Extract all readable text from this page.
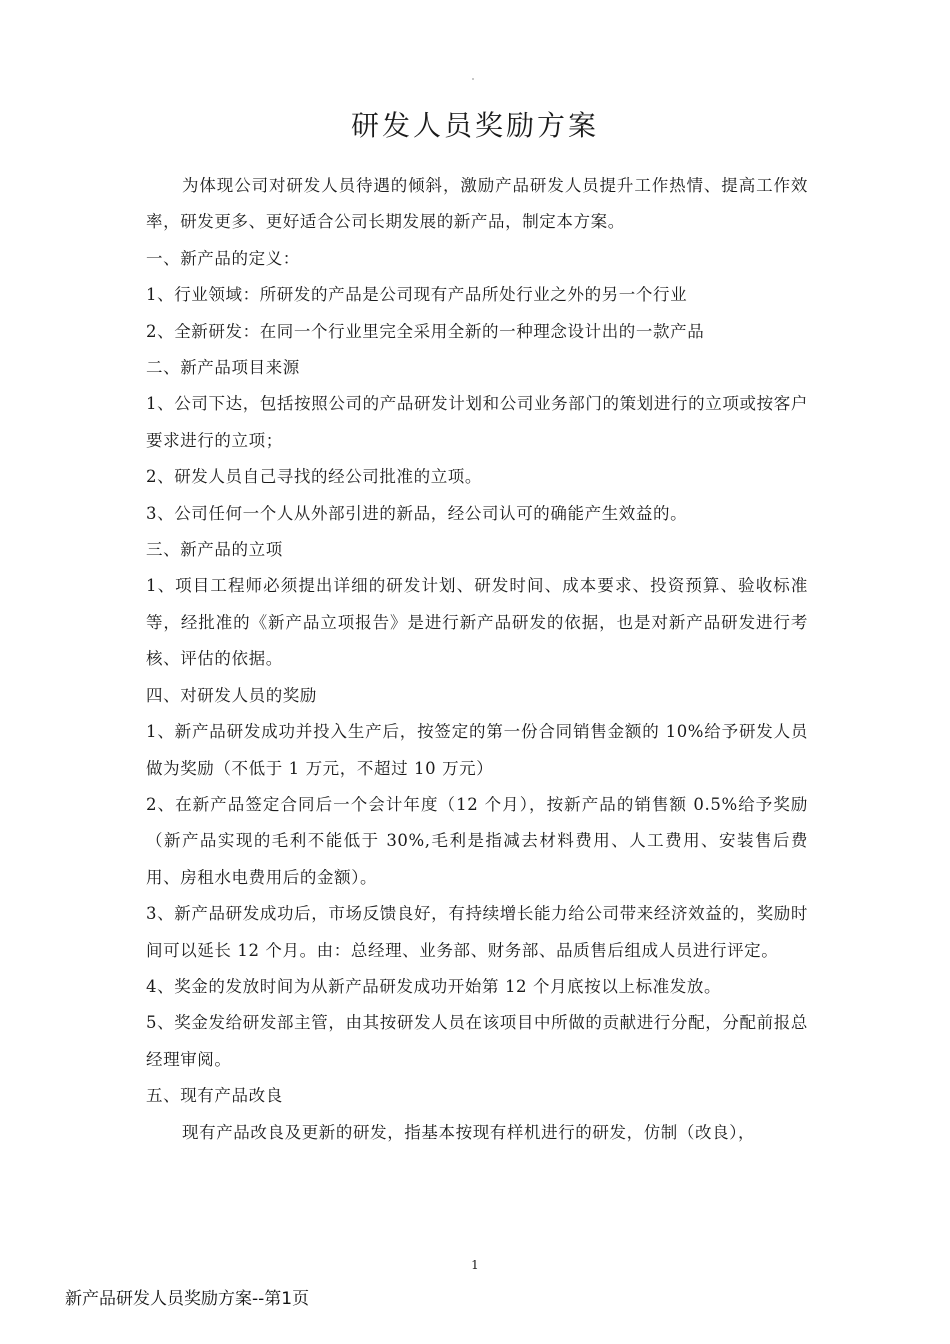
研发人员奖励方案

为体现公司对研发人员待遇的倾斜，激励产品研发人员提升工作热情、提高工作效率，研发更多、更好适合公司长期发展的新产品，制定本方案。

一、新产品的定义：

1、行业领域：所研发的产品是公司现有产品所处行业之外的另一个行业

2、全新研发：在同一个行业里完全采用全新的一种理念设计出的一款产品

二、新产品项目来源

1、公司下达，包括按照公司的产品研发计划和公司业务部门的策划进行的立项或按客户要求进行的立项；

2、研发人员自己寻找的经公司批准的立项。

3、公司任何一个人从外部引进的新品，经公司认可的确能产生效益的。

三、新产品的立项

1、项目工程师必须提出详细的研发计划、研发时间、成本要求、投资预算、验收标准等，经批准的《新产品立项报告》是进行新产品研发的依据，也是对新产品研发进行考核、评估的依据。

四、对研发人员的奖励

1、新产品研发成功并投入生产后，按签定的第一份合同销售金额的 10%给予研发人员做为奖励（不低于 1 万元，不超过 10 万元）

2、在新产品签定合同后一个会计年度（12 个月），按新产品的销售额 0.5%给予奖励（新产品实现的毛利不能低于 30%,毛利是指减去材料费用、人工费用、安装售后费用、房租水电费用后的金额）。

3、新产品研发成功后，市场反馈良好，有持续增长能力给公司带来经济效益的，奖励时间可以延长 12 个月。由：总经理、业务部、财务部、品质售后组成人员进行评定。

4、奖金的发放时间为从新产品研发成功开始第 12 个月底按以上标准发放。

5、奖金发给研发部主管，由其按研发人员在该项目中所做的贡献进行分配，分配前报总经理审阅。

五、现有产品改良

现有产品改良及更新的研发，指基本按现有样机进行的研发，仿制（改良），

1
新产品研发人员奖励方案--第1页
